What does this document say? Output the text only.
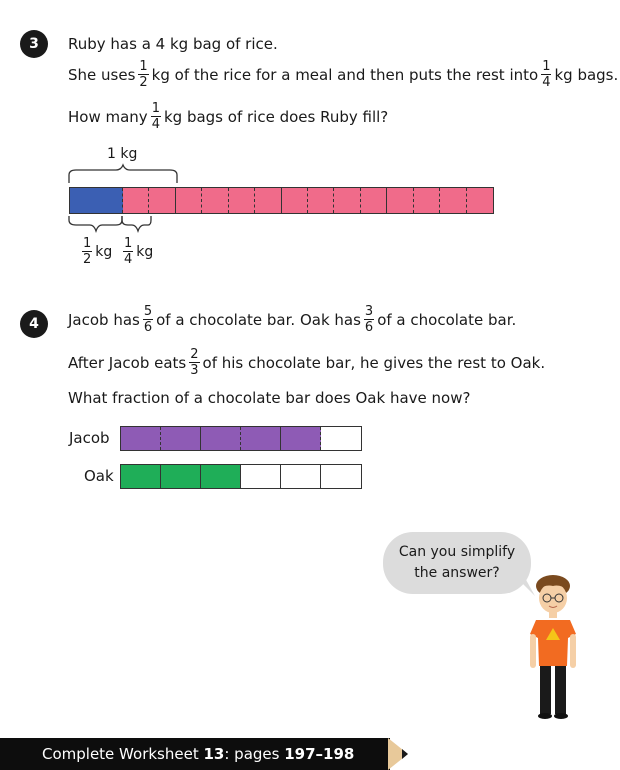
3 Ruby has a 4 kg bag of rice.
She uses $\frac{1}{2}$ kg of the rice for a meal and then puts the rest into $\frac{1}{4}$ kg bags.
How many $\frac{1}{4}$ kg bags of rice does Ruby fill?
1 kg
$\frac{1}{2}$ kg $\frac{1}{4}$ kg
4 Jacob has $\frac{5}{6}$ of a chocolate bar. Oak has $\frac{3}{6}$ of a chocolate bar.
After Jacob eats $\frac{2}{3}$ of his chocolate bar, he gives the rest to Oak.
What fraction of a chocolate bar does Oak have now?
Jacob
Oak
Can you simplify
the answer?
Complete Worksheet 13 : pages 197–198
